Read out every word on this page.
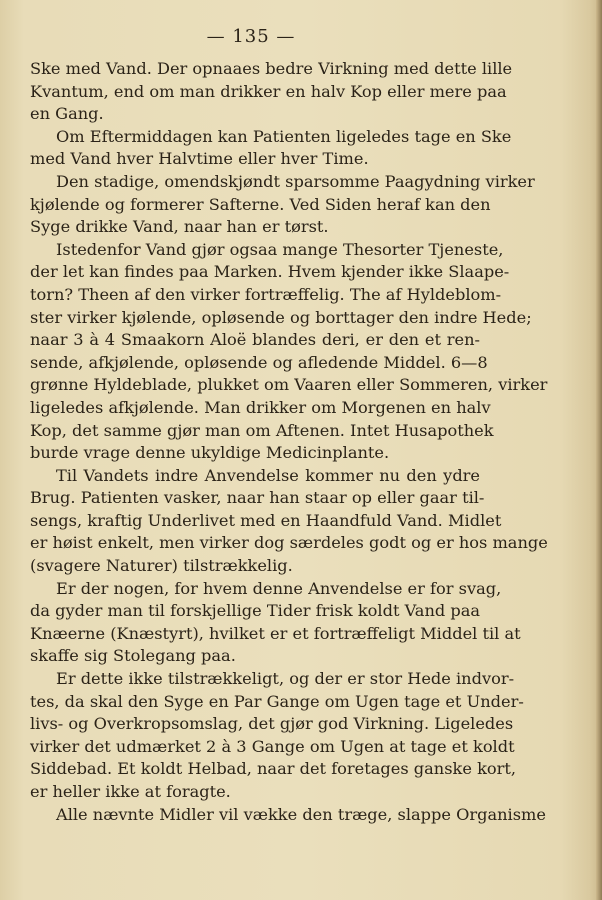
— 135 —
Ske med Vand. Der opnaaes bedre Virkning med dette lille
Kvantum, end om man drikker en halv Kop eller mere paa
en Gang.
Om Eftermiddagen kan Patienten ligeledes tage en Ske
med Vand hver Halvtime eller hver Time.
Den stadige, omendskjøndt sparsomme Paagydning virker
kjølende og formerer Safterne. Ved Siden heraf kan den
Syge drikke Vand, naar han er tørst.
Istedenfor Vand gjør ogsaa mange Thesorter Tjeneste,
der let kan findes paa Marken. Hvem kjender ikke Slaape-
torn? Theen af den virker fortræffelig. The af Hyldeblom-
ster virker kjølende, opløsende og borttager den indre Hede;
naar 3 à 4 Smaakorn Aloë blandes deri, er den et ren-
sende, afkjølende, opløsende og afledende Middel. 6—8
grønne Hyldeblade, plukket om Vaaren eller Sommeren, virker
ligeledes afkjølende. Man drikker om Morgenen en halv
Kop, det samme gjør man om Aftenen. Intet Husapothek
burde vrage denne ukyldige Medicinplante.
Til Vandets indre Anvendelse kommer nu den ydre
Brug. Patienten vasker, naar han staar op eller gaar til-
sengs, kraftig Underlivet med en Haandfuld Vand. Midlet
er høist enkelt, men virker dog særdeles godt og er hos mange
(svagere Naturer) tilstrækkelig.
Er der nogen, for hvem denne Anvendelse er for svag,
da gyder man til forskjellige Tider frisk koldt Vand paa
Knæerne (Knæstyrt), hvilket er et fortræffeligt Middel til at
skaffe sig Stolegang paa.
Er dette ikke tilstrækkeligt, og der er stor Hede indvor-
tes, da skal den Syge en Par Gange om Ugen tage et Under-
livs- og Overkropsomslag, det gjør god Virkning. Ligeledes
virker det udmærket 2 à 3 Gange om Ugen at tage et koldt
Siddebad. Et koldt Helbad, naar det foretages ganske kort,
er heller ikke at foragte.
Alle nævnte Midler vil vække den træge, slappe Organisme
